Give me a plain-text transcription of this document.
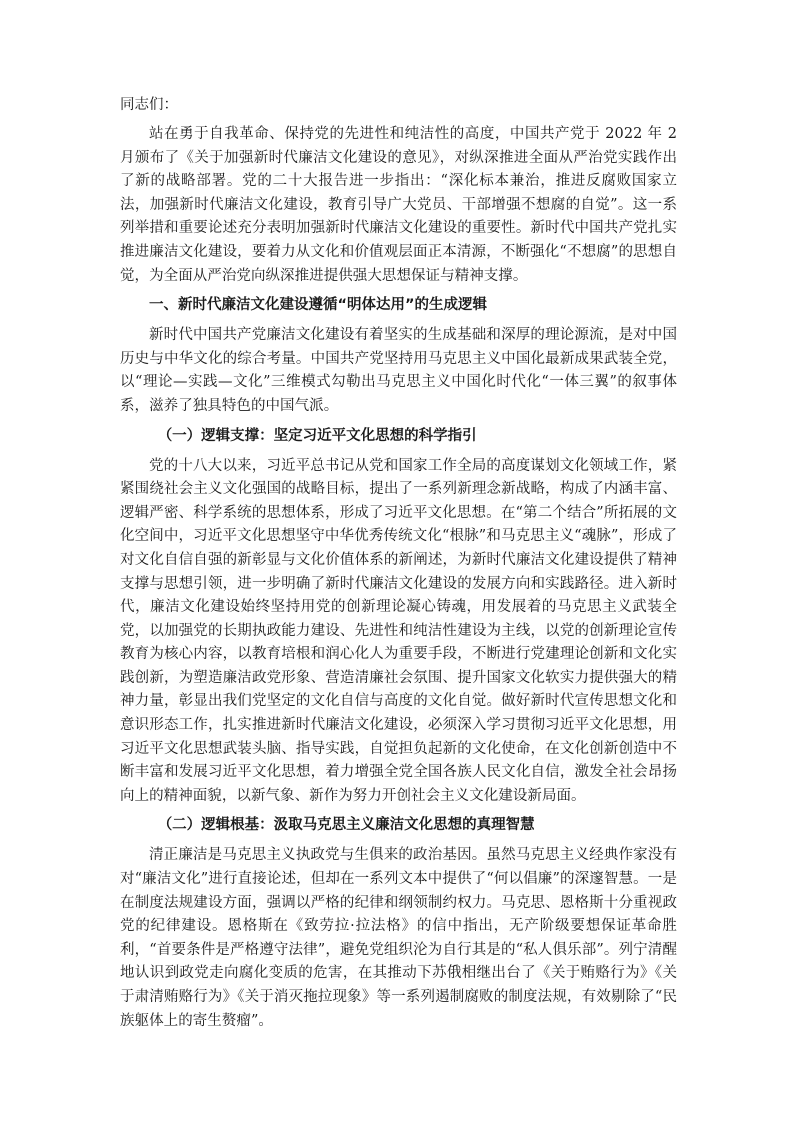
同志们：

站在勇于自我革命、保持党的先进性和纯洁性的高度，中国共产党于 2022 年 2 月颁布了《关于加强新时代廉洁文化建设的意见》，对纵深推进全面从严治党实践作出了新的战略部署。党的二十大报告进一步指出：“深化标本兼治，推进反腐败国家立法，加强新时代廉洁文化建设，教育引导广大党员、干部增强不想腐的自觉”。这一系列举措和重要论述充分表明加强新时代廉洁文化建设的重要性。新时代中国共产党扎实推进廉洁文化建设，要着力从文化和价值观层面正本清源，不断强化“不想腐”的思想自觉，为全面从严治党向纵深推进提供强大思想保证与精神支撑。

一、新时代廉洁文化建设遵循“明体达用”的生成逻辑

新时代中国共产党廉洁文化建设有着坚实的生成基础和深厚的理论源流，是对中国历史与中华文化的综合考量。中国共产党坚持用马克思主义中国化最新成果武装全党，以“理论—实践—文化”三维模式勾勒出马克思主义中国化时代化“一体三翼”的叙事体系，滋养了独具特色的中国气派。

（一）逻辑支撑：坚定习近平文化思想的科学指引

党的十八大以来，习近平总书记从党和国家工作全局的高度谋划文化领域工作，紧紧围绕社会主义文化强国的战略目标，提出了一系列新理念新战略，构成了内涵丰富、逻辑严密、科学系统的思想体系，形成了习近平文化思想。在“第二个结合”所拓展的文化空间中，习近平文化思想坚守中华优秀传统文化“根脉”和马克思主义“魂脉”，形成了对文化自信自强的新彰显与文化价值体系的新阐述，为新时代廉洁文化建设提供了精神支撑与思想引领，进一步明确了新时代廉洁文化建设的发展方向和实践路径。进入新时代，廉洁文化建设始终坚持用党的创新理论凝心铸魂，用发展着的马克思主义武装全党，以加强党的长期执政能力建设、先进性和纯洁性建设为主线，以党的创新理论宣传教育为核心内容，以教育培根和润心化人为重要手段，不断进行党建理论创新和文化实践创新，为塑造廉洁政党形象、营造清廉社会氛围、提升国家文化软实力提供强大的精神力量，彰显出我们党坚定的文化自信与高度的文化自觉。做好新时代宣传思想文化和意识形态工作，扎实推进新时代廉洁文化建设，必须深入学习贯彻习近平文化思想，用习近平文化思想武装头脑、指导实践，自觉担负起新的文化使命，在文化创新创造中不断丰富和发展习近平文化思想，着力增强全党全国各族人民文化自信，激发全社会昂扬向上的精神面貌，以新气象、新作为努力开创社会主义文化建设新局面。

（二）逻辑根基：汲取马克思主义廉洁文化思想的真理智慧

清正廉洁是马克思主义执政党与生俱来的政治基因。虽然马克思主义经典作家没有对“廉洁文化”进行直接论述，但却在一系列文本中提供了“何以倡廉”的深邃智慧。一是在制度法规建设方面，强调以严格的纪律和纲领制约权力。马克思、恩格斯十分重视政党的纪律建设。恩格斯在《致劳拉·拉法格》的信中指出，无产阶级要想保证革命胜利，“首要条件是严格遵守法律”，避免党组织沦为自行其是的“私人俱乐部”。列宁清醒地认识到政党走向腐化变质的危害，在其推动下苏俄相继出台了《关于贿赂行为》《关于肃清贿赂行为》《关于消灭拖拉现象》等一系列遏制腐败的制度法规，有效剔除了“民族躯体上的寄生赘瘤”。
